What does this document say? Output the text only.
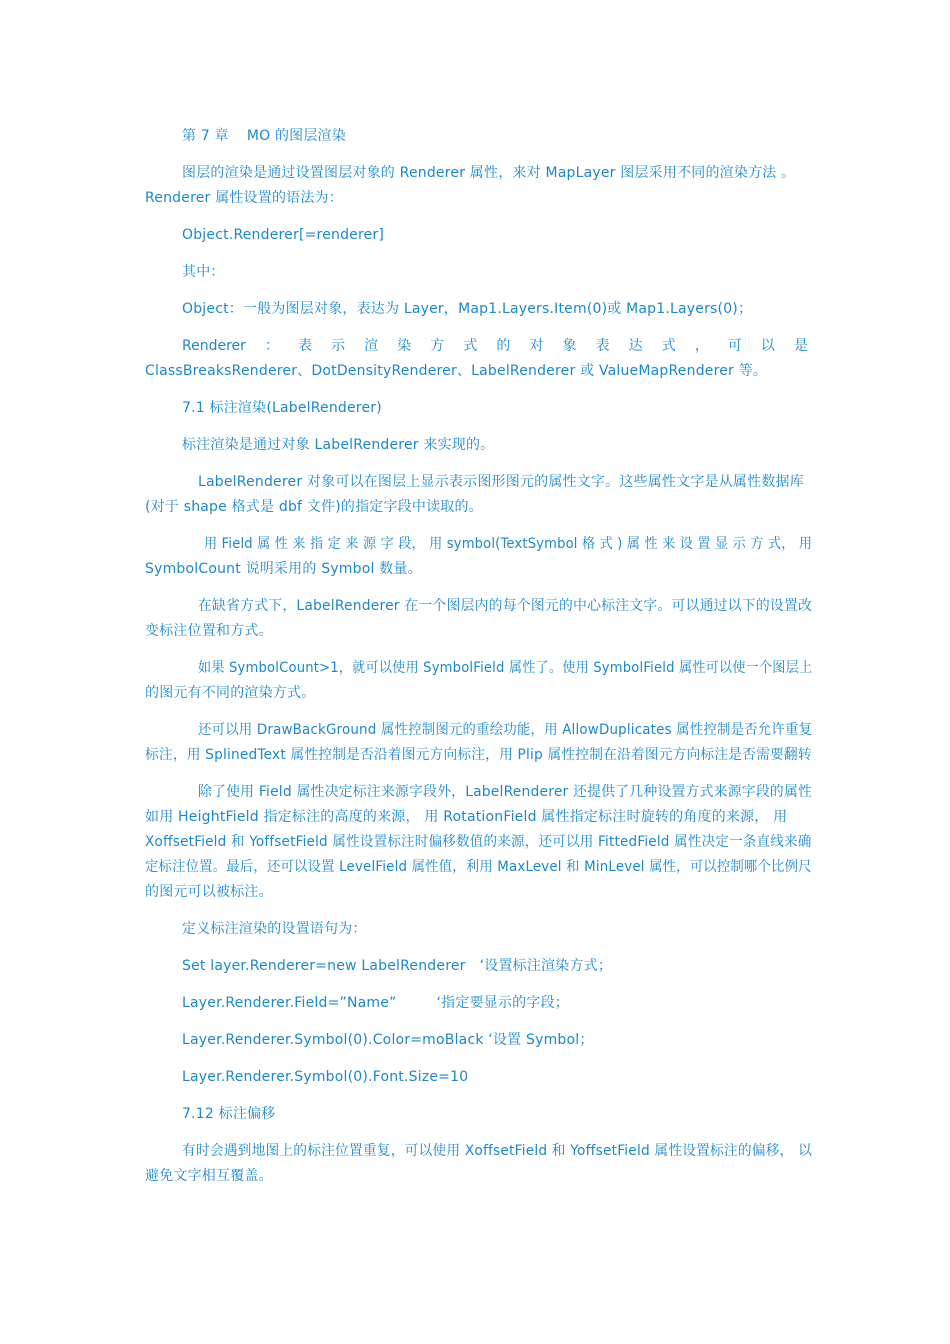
第 7 章 MO 的图层渲染
图层的渲染是通过设置图层对象的 Renderer 属性，来对 MapLayer 图层采用不同的渲染方法 。
Renderer 属性设置的语法为：
Object.Renderer[=renderer]
其中：
Object：一般为图层对象，表达为 Layer，Map1.Layers.Item(0)或 Map1.Layers(0)；
Renderer ： 表 示 渲 染 方 式 的 对 象 表 达 式 ， 可 以 是
ClassBreaksRenderer、DotDensityRenderer、LabelRenderer 或 ValueMapRenderer 等。
7.1 标注渲染(LabelRenderer)
标注渲染是通过对象 LabelRenderer 来实现的。
LabelRenderer 对象可以在图层上显示表示图形图元的属性文字。这些属性文字是从属性数据库
(对于 shape 格式是 dbf 文件)的指定字段中读取的。
用 Field 属 性 来 指 定 来 源 字 段， 用 symbol(TextSymbol 格 式 ) 属 性 来 设 置 显 示 方 式， 用
SymbolCount 说明采用的 Symbol 数量。
在缺省方式下，LabelRenderer 在一个图层内的每个图元的中心标注文字。可以通过以下的设置改
变标注位置和方式。
如果 SymbolCount>1，就可以使用 SymbolField 属性了。使用 SymbolField 属性可以使一个图层上
的图元有不同的渲染方式。
还可以用 DrawBackGround 属性控制图元的重绘功能，用 AllowDuplicates 属性控制是否允许重复
标注，用 SplinedText 属性控制是否沿着图元方向标注，用 Plip 属性控制在沿着图元方向标注是否需要翻转
除了使用 Field 属性决定标注来源字段外，LabelRenderer 还提供了几种设置方式来源字段的属性
如用 HeightField 指定标注的高度的来源， 用 RotationField 属性指定标注时旋转的角度的来源， 用
XoffsetField 和 YoffsetField 属性设置标注时偏移数值的来源，还可以用 FittedField 属性决定一条直线来确
定标注位置。最后，还可以设置 LevelField 属性值，利用 MaxLevel 和 MinLevel 属性，可以控制哪个比例尺
的图元可以被标注。
定义标注渲染的设置语句为：
Set layer.Renderer=new LabelRenderer ‘设置标注渲染方式；
Layer.Renderer.Field=”Name”	‘指定要显示的字段；
Layer.Renderer.Symbol(0).Color=moBlack ‘设置 Symbol；
Layer.Renderer.Symbol(0).Font.Size=10
7.12 标注偏移
有时会遇到地图上的标注位置重复，可以使用 XoffsetField 和 YoffsetField 属性设置标注的偏移， 以
避免文字相互覆盖。
